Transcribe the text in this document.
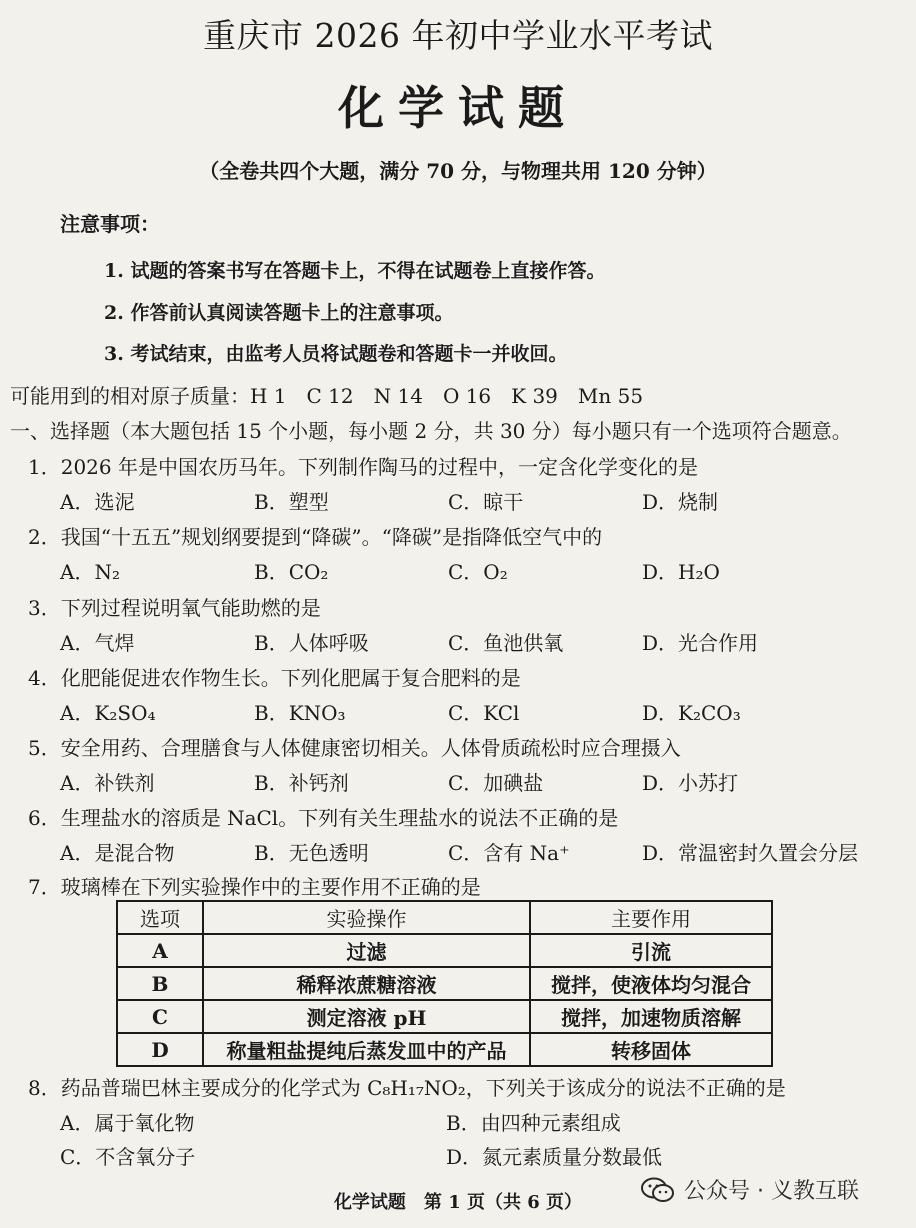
重庆市 2026 年初中学业水平考试
化学试题
（全卷共四个大题，满分 70 分，与物理共用 120 分钟）
注意事项：
1. 试题的答案书写在答题卡上，不得在试题卷上直接作答。
2. 作答前认真阅读答题卡上的注意事项。
3. 考试结束，由监考人员将试题卷和答题卡一并收回。
可能用到的相对原子质量：H 1　C 12　N 14　O 16　K 39　Mn 55
一、选择题（本大题包括 15 个小题，每小题 2 分，共 30 分）每小题只有一个选项符合题意。
1．2026 年是中国农历马年。下列制作陶马的过程中，一定含化学变化的是
A．选泥	B．塑型	C．晾干	D．烧制
2．我国“十五五”规划纲要提到“降碳”。“降碳”是指降低空气中的
A．N₂	B．CO₂	C．O₂	D．H₂O
3．下列过程说明氧气能助燃的是
A．气焊	B．人体呼吸	C．鱼池供氧	D．光合作用
4．化肥能促进农作物生长。下列化肥属于复合肥料的是
A．K₂SO₄	B．KNO₃	C．KCl	D．K₂CO₃
5．安全用药、合理膳食与人体健康密切相关。人体骨质疏松时应合理摄入
A．补铁剂	B．补钙剂	C．加碘盐	D．小苏打
6．生理盐水的溶质是 NaCl。下列有关生理盐水的说法不正确的是
A．是混合物	B．无色透明	C．含有 Na⁺	D．常温密封久置会分层
7．玻璃棒在下列实验操作中的主要作用不正确的是
选项	实验操作	主要作用
A	过滤	引流
B	稀释浓蔗糖溶液	搅拌，使液体均匀混合
C	测定溶液 pH	搅拌，加速物质溶解
D	称量粗盐提纯后蒸发皿中的产品	转移固体
8．药品普瑞巴林主要成分的化学式为 C₈H₁₇NO₂，下列关于该成分的说法不正确的是
A．属于氧化物	B．由四种元素组成
C．不含氧分子	D．氮元素质量分数最低
化学试题　第 1 页（共 6 页）	公众号 · 义教互联
